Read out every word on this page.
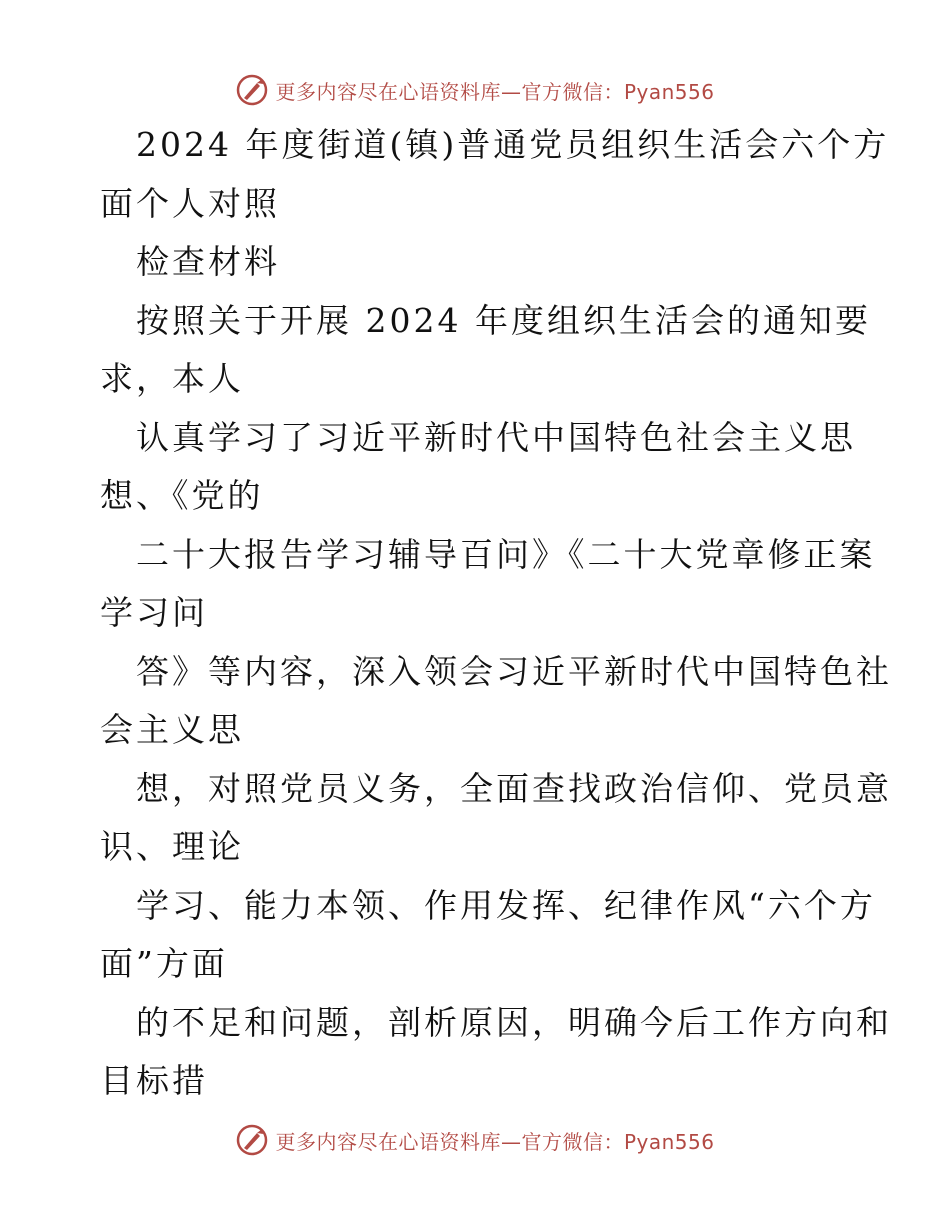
更多内容尽在心语资料库—官方微信：Pyan556
2024 年度街道(镇)普通党员组织生活会六个方
面个人对照
检查材料
按照关于开展 2024 年度组织生活会的通知要
求，本人
认真学习了习近平新时代中国特色社会主义思
想、《党的
二十大报告学习辅导百问》《二十大党章修正案
学习问
答》等内容，深入领会习近平新时代中国特色社
会主义思
想，对照党员义务，全面查找政治信仰、党员意
识、理论
学习、能力本领、作用发挥、纪律作风“六个方
面”方面
的不足和问题，剖析原因，明确今后工作方向和
目标措
更多内容尽在心语资料库—官方微信：Pyan556
